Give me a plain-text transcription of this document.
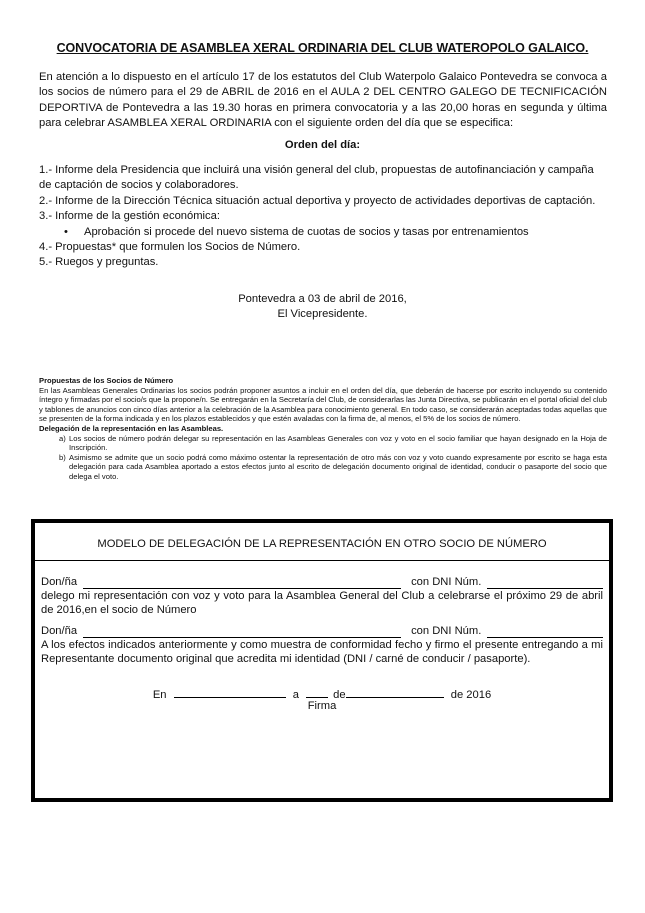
CONVOCATORIA DE ASAMBLEA XERAL ORDINARIA DEL CLUB WATEROPOLO GALAICO.
En atención a lo dispuesto en el artículo 17 de los estatutos del Club Waterpolo Galaico Pontevedra se convoca a los socios de número para el 29 de ABRIL de 2016 en el AULA 2 DEL CENTRO GALEGO DE TECNIFICACIÓN DEPORTIVA de Pontevedra a las 19.30 horas en primera convocatoria y a las 20,00 horas en segunda y última para celebrar ASAMBLEA XERAL ORDINARIA con el siguiente orden del día que se especifica:
Orden del día:
1.- Informe dela Presidencia que incluirá una visión general del club, propuestas de autofinanciación y campaña de captación de socios y colaboradores.
2.- Informe de la Dirección Técnica situación actual deportiva y proyecto de actividades deportivas de captación.
3.- Informe de la gestión económica:
• Aprobación si procede del nuevo sistema de cuotas de socios y tasas por entrenamientos
4.- Propuestas* que formulen los Socios de Número.
5.- Ruegos y preguntas.
Pontevedra a 03 de abril de 2016,
El Vicepresidente.
Propuestas de los Socios de Número
En las Asambleas Generales Ordinarias los socios podrán proponer asuntos a incluir en el orden del día, que deberán de hacerse por escrito incluyendo su contenido íntegro y firmadas por el socio/s que la propone/n. Se entregarán en la Secretaría del Club, de considerarlas las Junta Directiva, se publicarán en el portal oficial del club y tablones de anuncios con cinco días anterior a la celebración de la Asamblea para conocimiento general. En todo caso, se considerarán aceptadas todas aquellas que se presenten de la forma indicada y en los plazos establecidos y que estén avaladas con la firma de, al menos, el 5% de los socios de número.
Delegación de la representación en las Asambleas.
a) Los socios de número podrán delegar su representación en las Asambleas Generales con voz y voto en el socio familiar que hayan designado en la Hoja de Inscripción.
b) Asimismo se admite que un socio podrá como máximo ostentar la representación de otro más con voz y voto cuando expresamente por escrito se haga esta delegación para cada Asamblea aportado a estos efectos junto al escrito de delegación documento original de identidad, conducir o pasaporte del socio que delega el voto.
MODELO DE DELEGACIÓN DE LA REPRESENTACIÓN EN OTRO SOCIO DE NÚMERO
Don/ña	con DNI Núm.
delego mi representación con voz y voto para la Asamblea General del Club a celebrarse el próximo 29 de abril de 2016,en el socio de Número
Don/ña	con DNI Núm.
A los efectos indicados anteriormente y como muestra de conformidad fecho y firmo el presente entregando a mi Representante documento original que acredita mi identidad (DNI / carné de conducir / pasaporte).
En	a	de	de 2016
Firma
